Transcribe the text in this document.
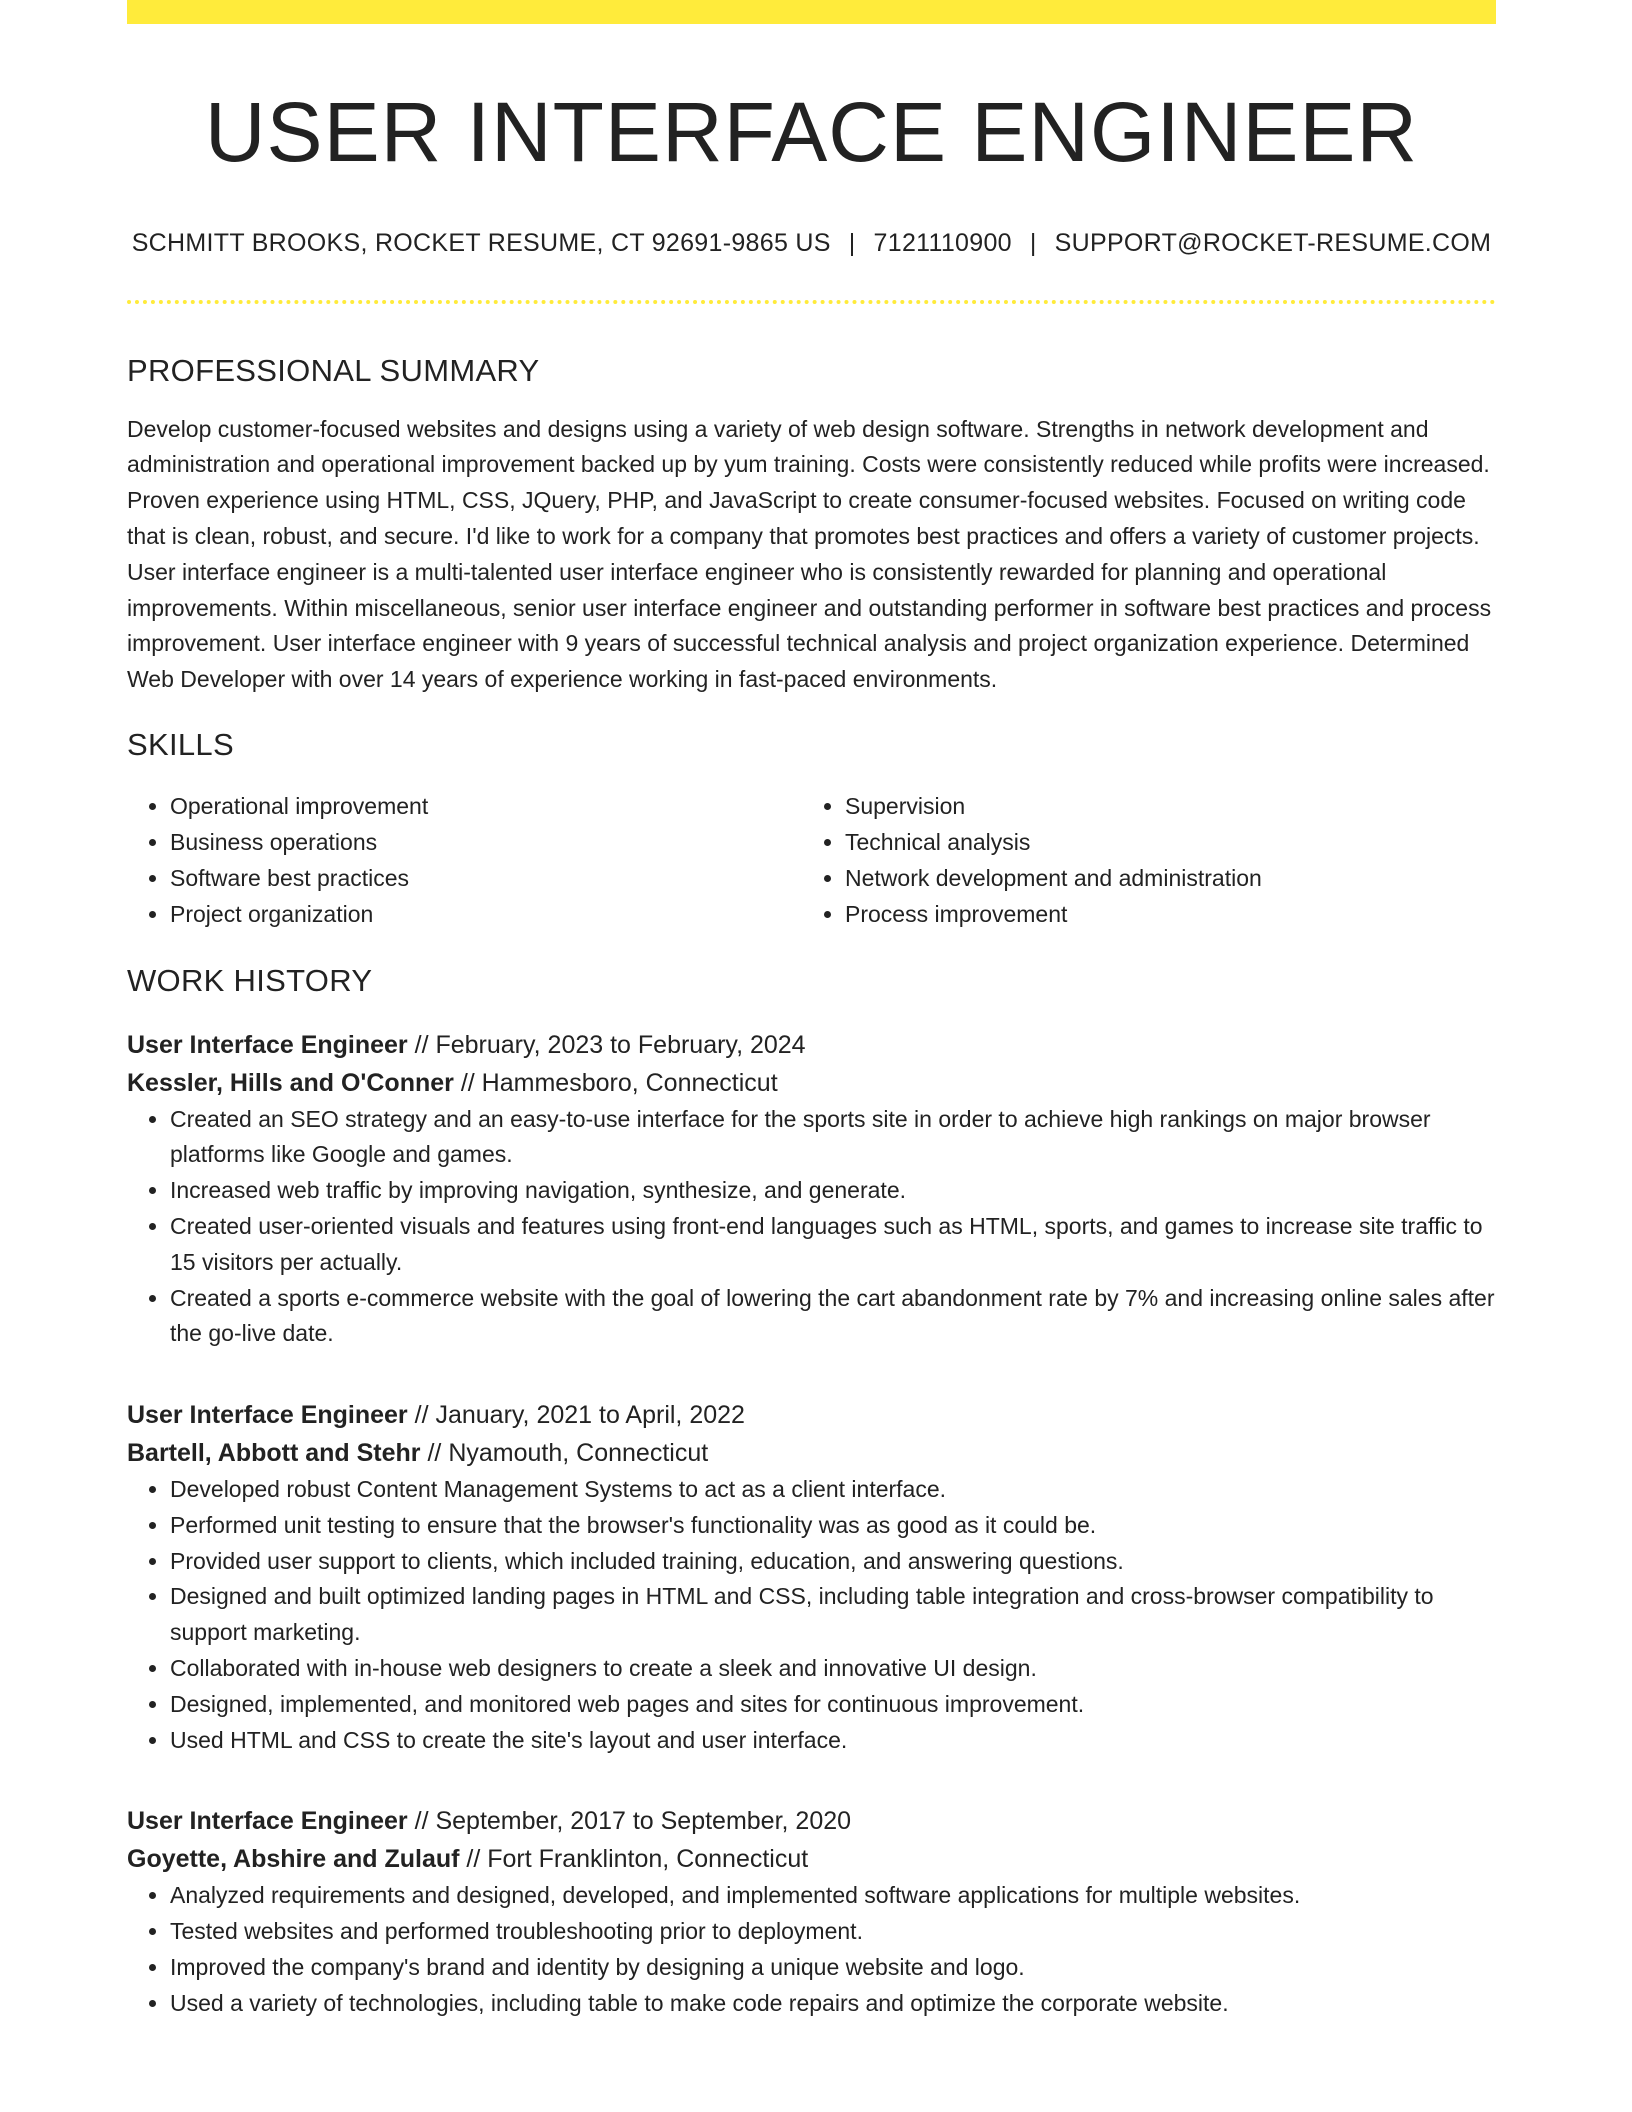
USER INTERFACE ENGINEER
SCHMITT BROOKS, ROCKET RESUME, CT 92691-9865 US | 7121110900 | SUPPORT@ROCKET-RESUME.COM
PROFESSIONAL SUMMARY

Develop customer-focused websites and designs using a variety of web design software. Strengths in network development and administration and operational improvement backed up by yum training. Costs were consistently reduced while profits were increased. Proven experience using HTML, CSS, JQuery, PHP, and JavaScript to create consumer-focused websites. Focused on writing code that is clean, robust, and secure. I'd like to work for a company that promotes best practices and offers a variety of customer projects. User interface engineer is a multi-talented user interface engineer who is consistently rewarded for planning and operational improvements. Within miscellaneous, senior user interface engineer and outstanding performer in software best practices and process improvement. User interface engineer with 9 years of successful technical analysis and project organization experience. Determined Web Developer with over 14 years of experience working in fast-paced environments.

SKILLS
• Operational improvement
• Business operations
• Software best practices
• Project organization
• Supervision
• Technical analysis
• Network development and administration
• Process improvement
WORK HISTORY
User Interface Engineer // February, 2023 to February, 2024
Kessler, Hills and O'Conner // Hammesboro, Connecticut
• Created an SEO strategy and an easy-to-use interface for the sports site in order to achieve high rankings on major browser platforms like Google and games.
• Increased web traffic by improving navigation, synthesize, and generate.
• Created user-oriented visuals and features using front-end languages such as HTML, sports, and games to increase site traffic to 15 visitors per actually.
• Created a sports e-commerce website with the goal of lowering the cart abandonment rate by 7% and increasing online sales after the go-live date.
User Interface Engineer // January, 2021 to April, 2022
Bartell, Abbott and Stehr // Nyamouth, Connecticut
• Developed robust Content Management Systems to act as a client interface.
• Performed unit testing to ensure that the browser's functionality was as good as it could be.
• Provided user support to clients, which included training, education, and answering questions.
• Designed and built optimized landing pages in HTML and CSS, including table integration and cross-browser compatibility to support marketing.
• Collaborated with in-house web designers to create a sleek and innovative UI design.
• Designed, implemented, and monitored web pages and sites for continuous improvement.
• Used HTML and CSS to create the site's layout and user interface.
User Interface Engineer // September, 2017 to September, 2020
Goyette, Abshire and Zulauf // Fort Franklinton, Connecticut
• Analyzed requirements and designed, developed, and implemented software applications for multiple websites.
• Tested websites and performed troubleshooting prior to deployment.
• Improved the company's brand and identity by designing a unique website and logo.
• Used a variety of technologies, including table to make code repairs and optimize the corporate website.
